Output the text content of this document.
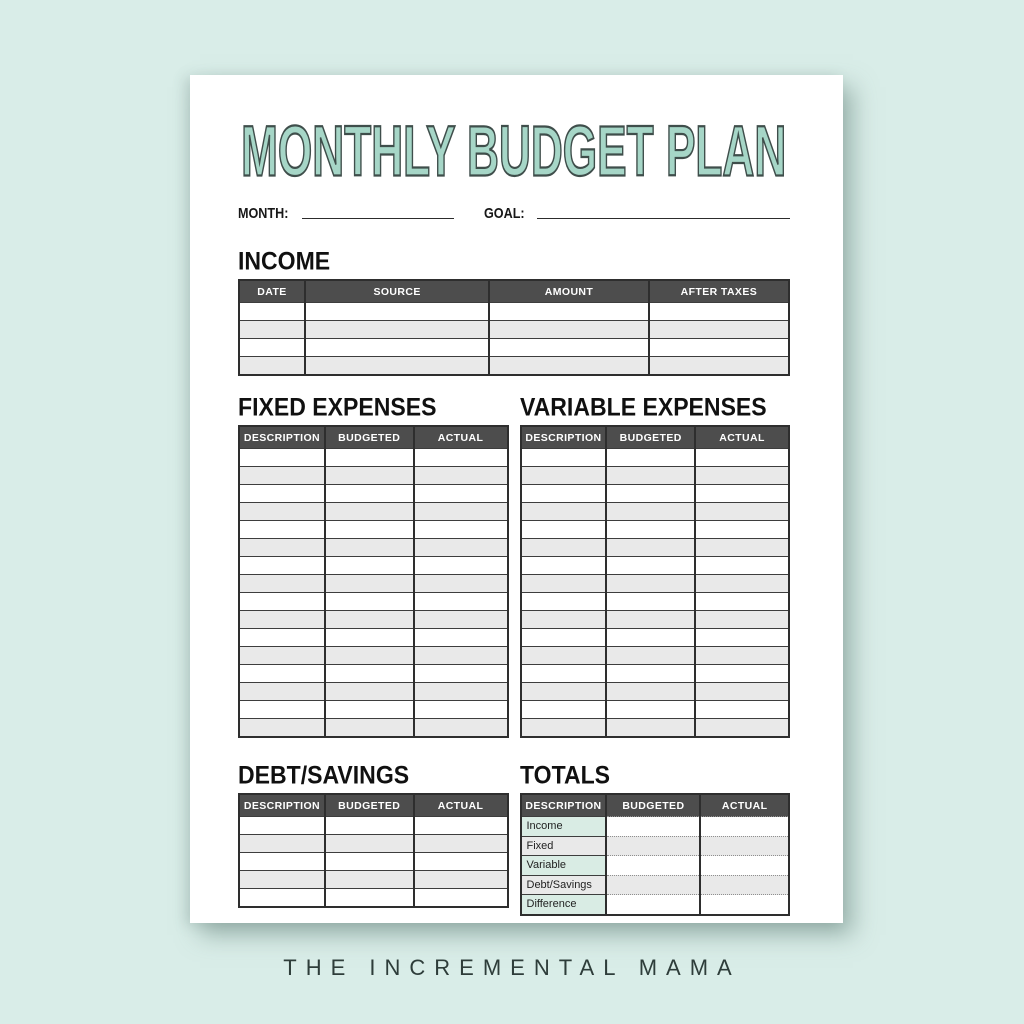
MONTHLY BUDGET PLAN
MONTH:	GOAL:
INCOME
DATE	SOURCE	AMOUNT	AFTER TAXES

FIXED EXPENSES
DESCRIPTION	BUDGETED	ACTUAL

VARIABLE EXPENSES
DESCRIPTION	BUDGETED	ACTUAL

DEBT/SAVINGS
DESCRIPTION	BUDGETED	ACTUAL

TOTALS
DESCRIPTION	BUDGETED	ACTUAL
Income		
Fixed		
Variable		
Debt/Savings		
Difference		
THE INCREMENTAL MAMA
